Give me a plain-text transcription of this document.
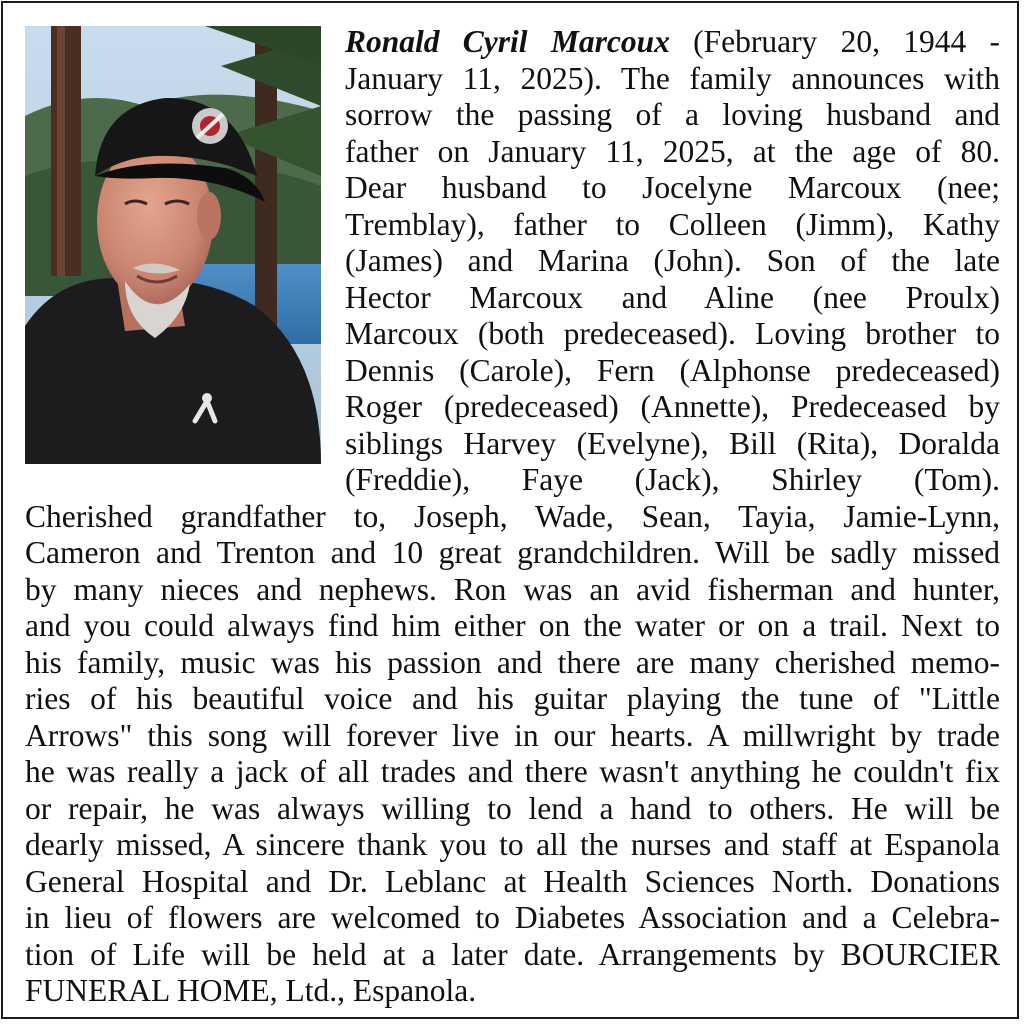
Ronald Cyril Marcoux (February 20, 1944 -
January 11, 2025). The family announces with
sorrow the passing of a loving husband and
father on January 11, 2025, at the age of 80.
Dear husband to Jocelyne Marcoux (nee;
Tremblay), father to Colleen (Jimm), Kathy
(James) and Marina (John). Son of the late
Hector Marcoux and Aline (nee Proulx)
Marcoux (both predeceased). Loving brother to
Dennis (Carole), Fern (Alphonse predeceased)
Roger (predeceased) (Annette), Predeceased by
siblings Harvey (Evelyne), Bill (Rita), Doralda
(Freddie), Faye (Jack), Shirley (Tom).
Cherished grandfather to, Joseph, Wade, Sean, Tayia, Jamie-Lynn,
Cameron and Trenton and 10 great grandchildren. Will be sadly missed
by many nieces and nephews. Ron was an avid fisherman and hunter,
and you could always find him either on the water or on a trail. Next to
his family, music was his passion and there are many cherished memo-
ries of his beautiful voice and his guitar playing the tune of "Little
Arrows" this song will forever live in our hearts. A millwright by trade
he was really a jack of all trades and there wasn't anything he couldn't fix
or repair, he was always willing to lend a hand to others. He will be
dearly missed, A sincere thank you to all the nurses and staff at Espanola
General Hospital and Dr. Leblanc at Health Sciences North. Donations
in lieu of flowers are welcomed to Diabetes Association and a Celebra-
tion of Life will be held at a later date. Arrangements by BOURCIER
FUNERAL HOME, Ltd., Espanola.
